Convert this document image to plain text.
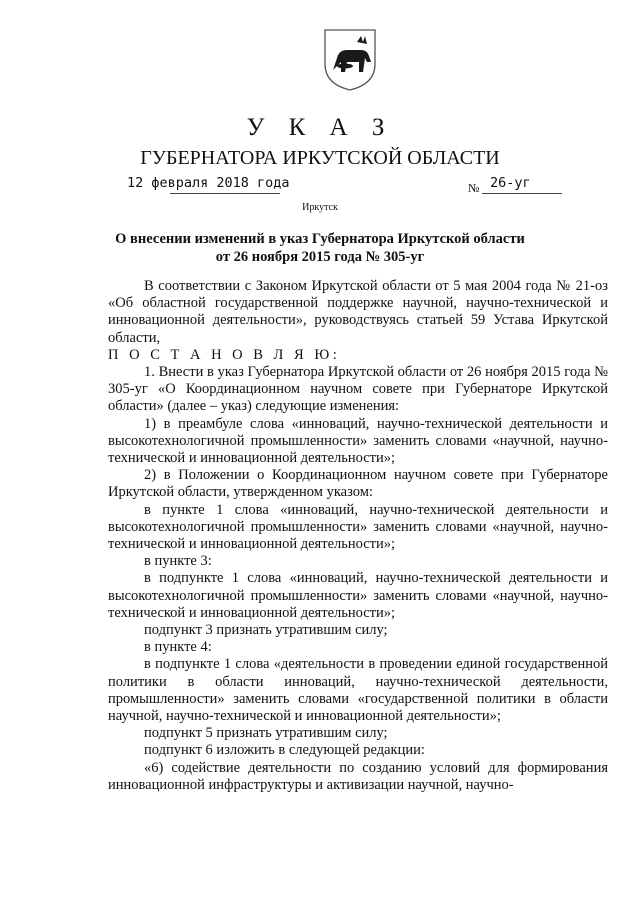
У К А З
ГУБЕРНАТОРА ИРКУТСКОЙ ОБЛАСТИ
12 февраля 2018 года	№ 26-уг
Иркутск
О внесении изменений в указ Губернатора Иркутской области
от 26 ноября 2015 года № 305-уг

В соответствии с Законом Иркутской области от 5 мая 2004 года № 21-оз «Об областной государственной поддержке научной, научно-технической и инновационной деятельности», руководствуясь статьей 59 Устава Иркутской области,

П О С Т А Н О В Л Я Ю:

1. Внести в указ Губернатора Иркутской области от 26 ноября 2015 года № 305-уг «О Координационном научном совете при Губернаторе Иркутской области» (далее – указ) следующие изменения:

1) в преамбуле слова «инноваций, научно-технической деятельности и высокотехнологичной промышленности» заменить словами «научной, научно-технической и инновационной деятельности»;

2) в Положении о Координационном научном совете при Губернаторе Иркутской области, утвержденном указом:

в пункте 1 слова «инноваций, научно-технической деятельности и высокотехнологичной промышленности» заменить словами «научной, научно-технической и инновационной деятельности»;

в пункте 3:

в подпункте 1 слова «инноваций, научно-технической деятельности и высокотехнологичной промышленности» заменить словами «научной, научно-технической и инновационной деятельности»;

подпункт 3 признать утратившим силу;

в пункте 4:

в подпункте 1 слова «деятельности в проведении единой государственной политики в области инноваций, научно-технической деятельности, промышленности» заменить словами «государственной политики в области научной, научно-технической и инновационной деятельности»;

подпункт 5 признать утратившим силу;

подпункт 6 изложить в следующей редакции:

«6) содействие деятельности по созданию условий для формирования инновационной инфраструктуры и активизации научной, научно-
